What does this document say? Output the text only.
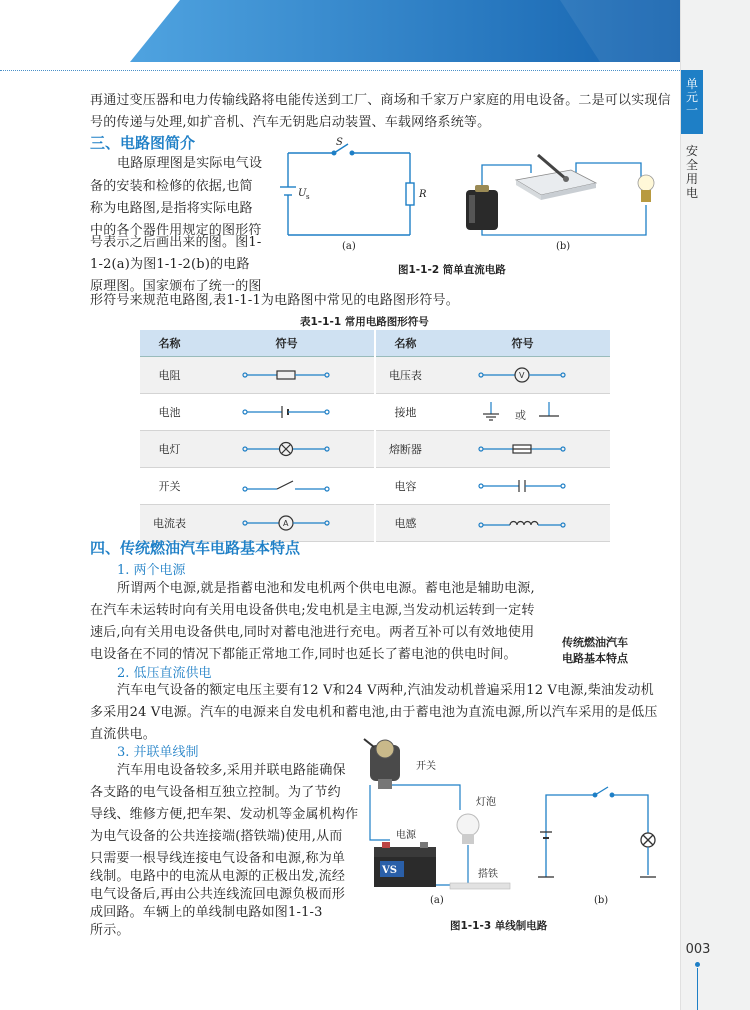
单元一
安全用电
003
再通过变压器和电力传输线路将电能传送到工厂、商场和千家万户家庭的用电设备。二是可以实现信
号的传递与处理,如扩音机、汽车无钥匙启动装置、车载网络系统等。
三、电路图简介
电路原理图是实际电气设
备的安装和检修的依据,也简
称为电路图,是指将实际电路
中的各个器件用规定的图形符
号表示之后画出来的图。图1-
1-2(a)为图1-1-2(b)的电路
原理图。国家颁布了统一的图
形符号来规范电路图,表1-1-1为电路图中常见的电路图形符号。
S
U s	R
(a)	(b)
图1-1-2 简单直流电路
表1-1-1 常用电路图形符号
名称	符号	名称	符号
电阻		电压表	V

电池		接地	或

电灯		熔断器	

开关		电容	

电流表	A	电感	
四、传统燃油汽车电路基本特点
1. 两个电源
所谓两个电源,就是指蓄电池和发电机两个供电电源。蓄电池是辅助电源,
在汽车未运转时向有关用电设备供电;发电机是主电源,当发动机运转到一定转
速后,向有关用电设备供电,同时对蓄电池进行充电。两者互补可以有效地使用
电设备在不同的情况下都能正常地工作,同时也延长了蓄电池的供电时间。
传统燃油汽车
电路基本特点
2. 低压直流供电
汽车电气设备的额定电压主要有12 V和24 V两种,汽油发动机普遍采用12 V电源,柴油发动机
多采用24 V电源。汽车的电源来自发电机和蓄电池,由于蓄电池为直流电源,所以汽车采用的是低压
直流供电。
3. 并联单线制
汽车用电设备较多,采用并联电路能确保
各支路的电气设备相互独立控制。为了节约
导线、维修方便,把车架、发动机等金属机构作
为电气设备的公共连接端(搭铁端)使用,从而
只需要一根导线连接电气设备和电源,称为单
线制。电路中的电流从电源的正极出发,流经
电气设备后,再由公共连线流回电源负极而形
成回路。车辆上的单线制电路如图1-1-3
所示。
VS
开关
灯泡
电源
搭铁
(a)	(b)
图1-1-3 单线制电路
